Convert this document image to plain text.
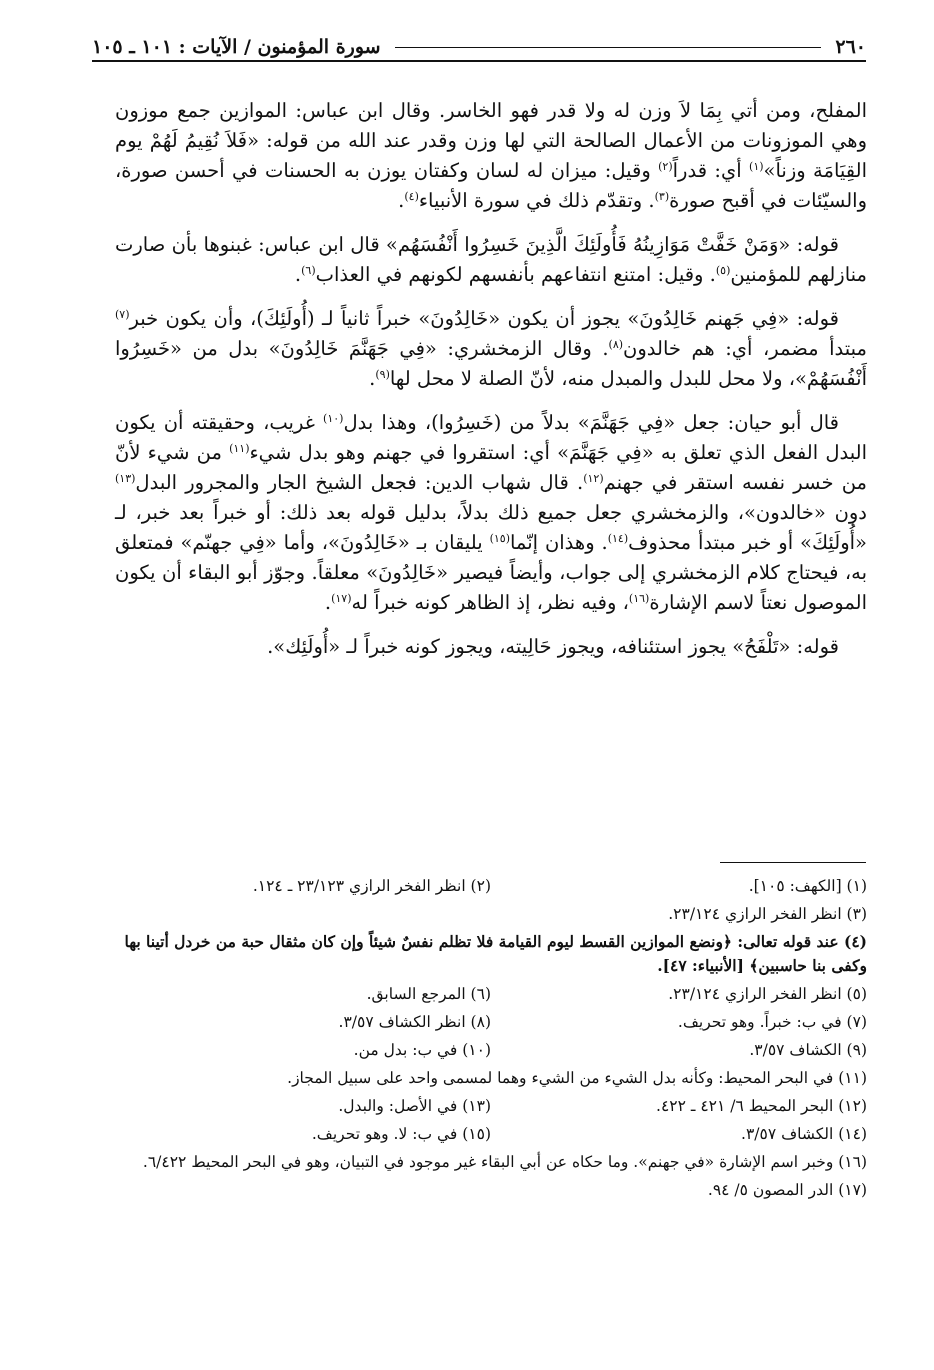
٢٦٠
سورة المؤمنون / الآيات : ١٠١ ـ ١٠٥

المفلح، ومن أتي بِمَا لاَ وزن له ولا قدر فهو الخاسر. وقال ابن عباس: الموازين جمع موزون وهي الموزونات من الأعمال الصالحة التي لها وزن وقدر عند الله من قوله: «فَلاَ نُقِيمُ لَهُمْ يوم القِيَامَة وزناً»$^{(١)}$ أي: قدراً$^{(٢)}$ وقيل: ميزان له لسان وكفتان يوزن به الحسنات في أحسن صورة، والسيّئات في أقبح صورة$^{(٣)}$. وتقدّم ذلك في سورة الأنبياء$^{(٤)}$.

قوله: «وَمَنْ خَفَّتْ مَوَازِينُهُ فَأُولَئِكَ الَّذِينَ خَسِرُوا أَنْفُسَهُم» قال ابن عباس: غبنوها بأن صارت منازلهم للمؤمنين$^{(٥)}$. وقيل: امتنع انتفاعهم بأنفسهم لكونهم في العذاب$^{(٦)}$.

قوله: «فِي جَهنم خَالِدُونَ» يجوز أن يكون «خَالِدُونَ» خبراً ثانياً لـ (أُولَئِكَ)، وأن يكون خبر$^{(٧)}$ مبتدأ مضمر، أي: هم خالدون$^{(٨)}$. وقال الزمخشري: «فِي جَهَنَّمَ خَالِدُونَ» بدل من «خَسِرُوا أَنْفُسَهُمْ»، ولا محل للبدل والمبدل منه، لأنّ الصلة لا محل لها$^{(٩)}$.

قال أبو حيان: جعل «فِي جَهَنَّمَ» بدلاً من (خَسِرُوا)، وهذا بدل$^{(١٠)}$ غريب، وحقيقته أن يكون البدل الفعل الذي تعلق به «فِي جَهَنَّمَ» أي: استقروا في جهنم وهو بدل شيء$^{(١١)}$ من شيء لأنّ من خسر نفسه استقر في جهنم$^{(١٢)}$. قال شهاب الدين: فجعل الشيخ الجار والمجرور البدل$^{(١٣)}$ دون «خالدون»، والزمخشري جعل جميع ذلك بدلاً، بدليل قوله بعد ذلك: أو خبراً بعد خبر، لـ «أُولَئِكَ» أو خبر مبتدأ محذوف$^{(١٤)}$. وهذان إنّما$^{(١٥)}$ يليقان بـ «خَالِدُونَ»، وأما «فِي جهنّم» فمتعلق به، فيحتاج كلام الزمخشري إلى جواب، وأيضاً فيصير «خَالِدُونَ» معلقاً. وجوّز أبو البقاء أن يكون الموصول نعتاً لاسم الإشارة$^{(١٦)}$، وفيه نظر، إذ الظاهر كونه خبراً له$^{(١٧)}$.

قوله: «تَلْفَحُ» يجوز استئنافه، ويجوز حَالِيته، ويجوز كونه خبراً لـ «أُولَئِك».

(١) [الكهف: ١٠٥].
(٢) انظر الفخر الرازي ٢٣/١٢٣ ـ ١٢٤.
(٣) انظر الفخر الرازي ٢٣/١٢٤.
(٤) عند قوله تعالى: ﴿ونضع الموازين القسط ليوم القيامة فلا تظلم نفسٌ شيئاً وإن كان مثقال حبة من خردل أتينا بها وكفى بنا حاسبين﴾ [الأنبياء: ٤٧].
(٥) انظر الفخر الرازي ٢٣/١٢٤.
(٦) المرجع السابق.
(٧) في ب: خبراً. وهو تحريف.
(٨) انظر الكشاف ٣/٥٧.
(٩) الكشاف ٣/٥٧.
(١٠) في ب: بدل من.
(١١) في البحر المحيط: وكأنه بدل الشيء من الشيء وهما لمسمى واحد على سبيل المجاز.
(١٢) البحر المحيط ٦/ ٤٢١ ـ ٤٢٢.
(١٣) في الأصل: والبدل.
(١٤) الكشاف ٣/٥٧.
(١٥) في ب: لا. وهو تحريف.
(١٦) وخبر اسم الإشارة «في جهنم». وما حكاه عن أبي البقاء غير موجود في التبيان، وهو في البحر المحيط ٦/٤٢٢.
(١٧) الدر المصون ٥/ ٩٤.
